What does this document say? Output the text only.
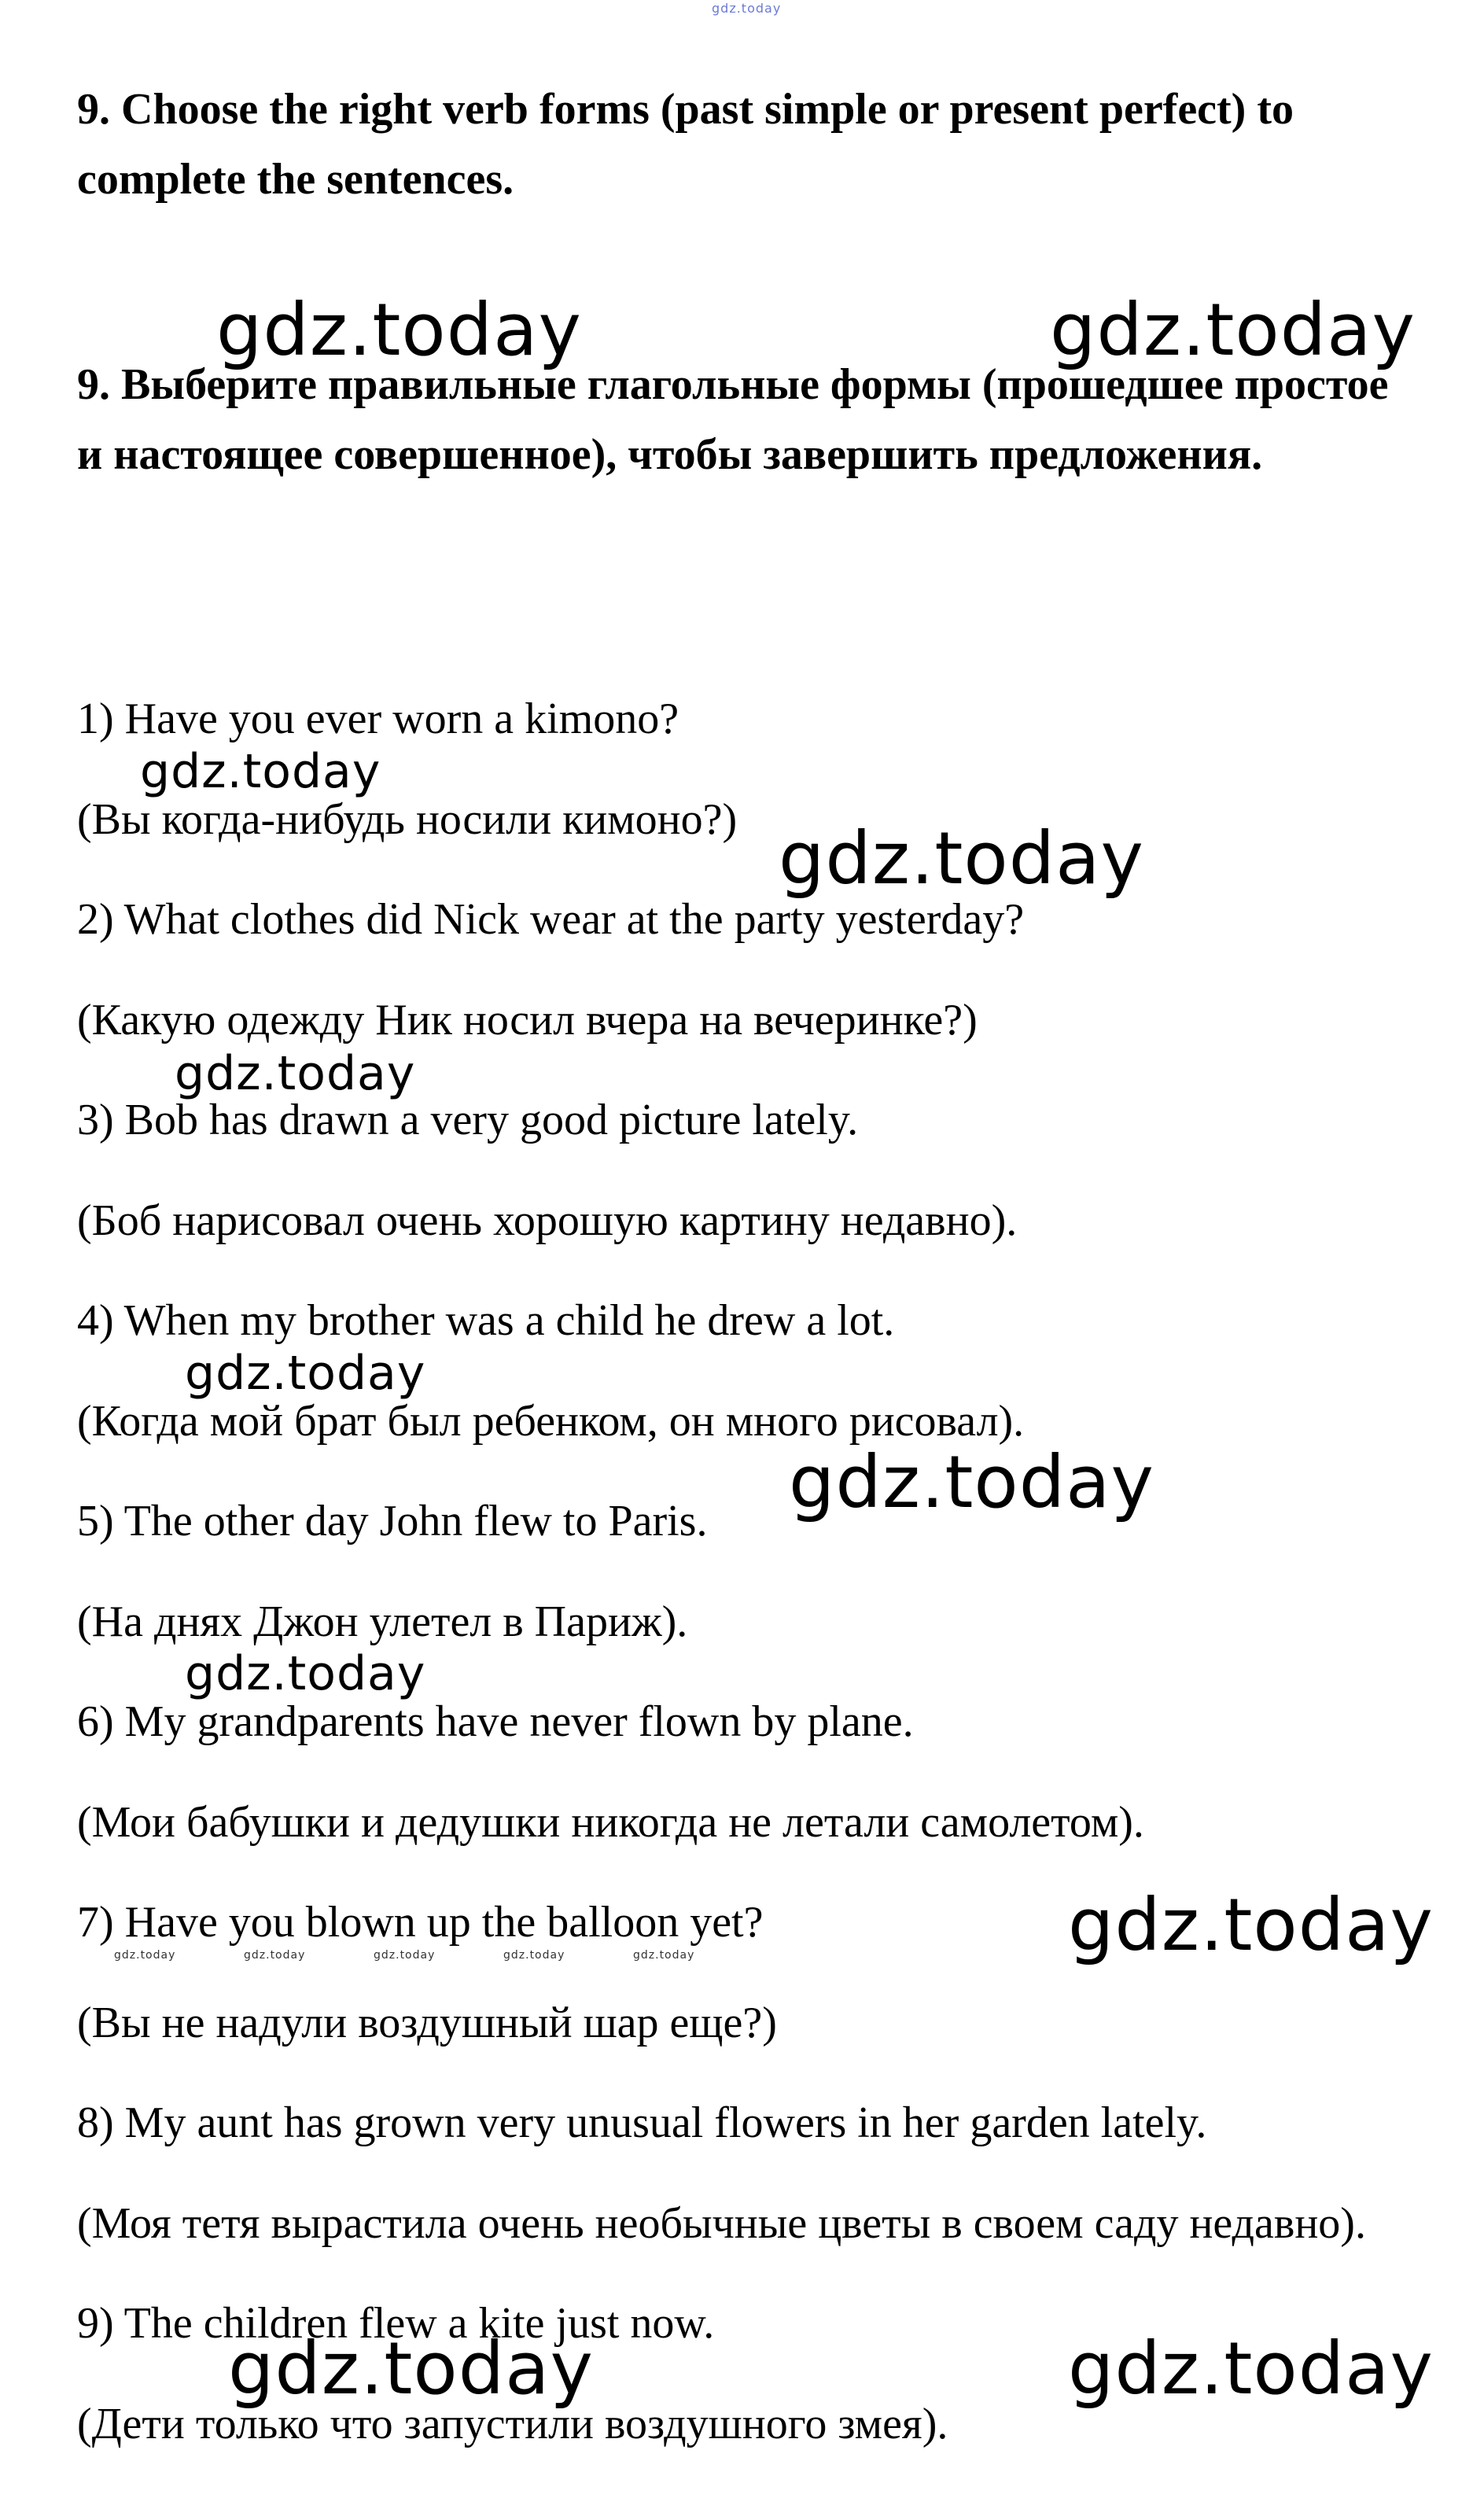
9. Choose the right verb forms (past simple or present perfect) to complete the sentences.
9. Выберите правильные глагольные формы (прошедшее простое и настоящее совершенное), чтобы завершить предложения.
1) Have you ever worn a kimono?
(Вы когда-нибудь носили кимоно?)
2) What clothes did Nick wear at the party yesterday?
(Какую одежду Ник носил вчера на вечеринке?)
3) Bob has drawn a very good picture lately.
(Боб нарисовал очень хорошую картину недавно).
4) When my brother was a child he drew a lot.
(Когда мой брат был ребенком, он много рисовал).
5) The other day John flew to Paris.
(На днях Джон улетел в Париж).
6) My grandparents have never flown by plane.
(Мои бабушки и дедушки никогда не летали самолетом).
7) Have you blown up the balloon yet?
(Вы не надули воздушный шар еще?)
8) My aunt has grown very unusual flowers in her garden lately.
(Моя тетя вырастила очень необычные цветы в своем саду недавно).
9) The children flew a kite just now.
(Дети только что запустили воздушного змея).
gdz.today
gdz.today	gdz.today
gdz.today
gdz.today
gdz.today
gdz.today
gdz.today
gdz.today
gdz.today
gdz.today	gdz.today	gdz.today	gdz.today	gdz.today
gdz.today	gdz.today
